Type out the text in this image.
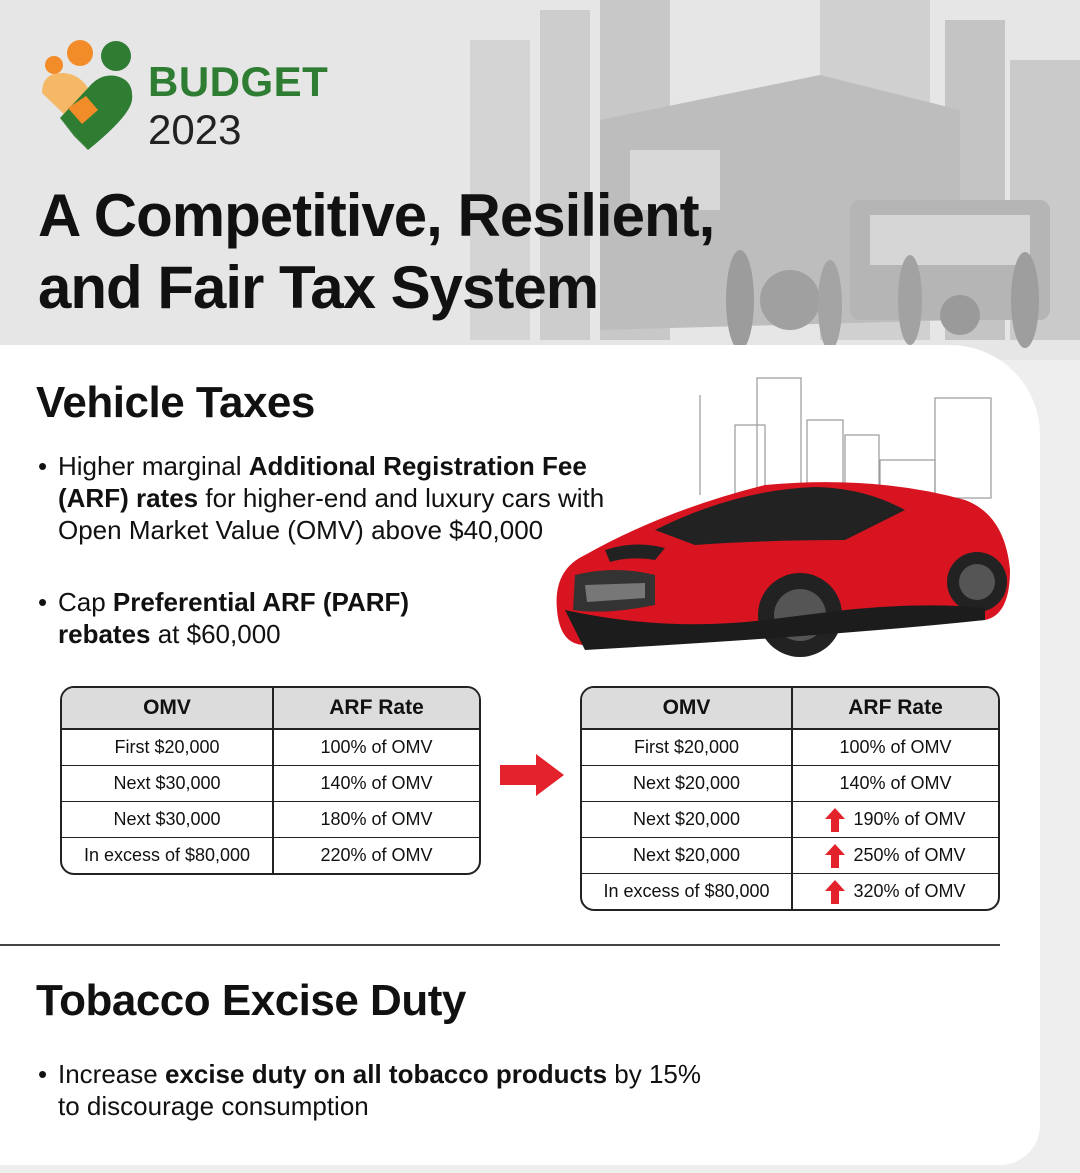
BUDGET
2023
A Competitive, Resilient,
and Fair Tax System
Vehicle Taxes
• Higher marginal Additional Registration Fee
(ARF) rates for higher-end and luxury cars with
Open Market Value (OMV) above $40,000
• Cap Preferential ARF (PARF)
rebates at $60,000
OMV	ARF Rate
First $20,000	100% of OMV
Next $30,000	140% of OMV
Next $30,000	180% of OMV
In excess of $80,000	220% of OMV
OMV	ARF Rate
First $20,000	100% of OMV
Next $20,000	140% of OMV
Next $20,000	190% of OMV
Next $20,000	250% of OMV
In excess of $80,000	320% of OMV
Tobacco Excise Duty
• Increase excise duty on all tobacco products by 15%
to discourage consumption
